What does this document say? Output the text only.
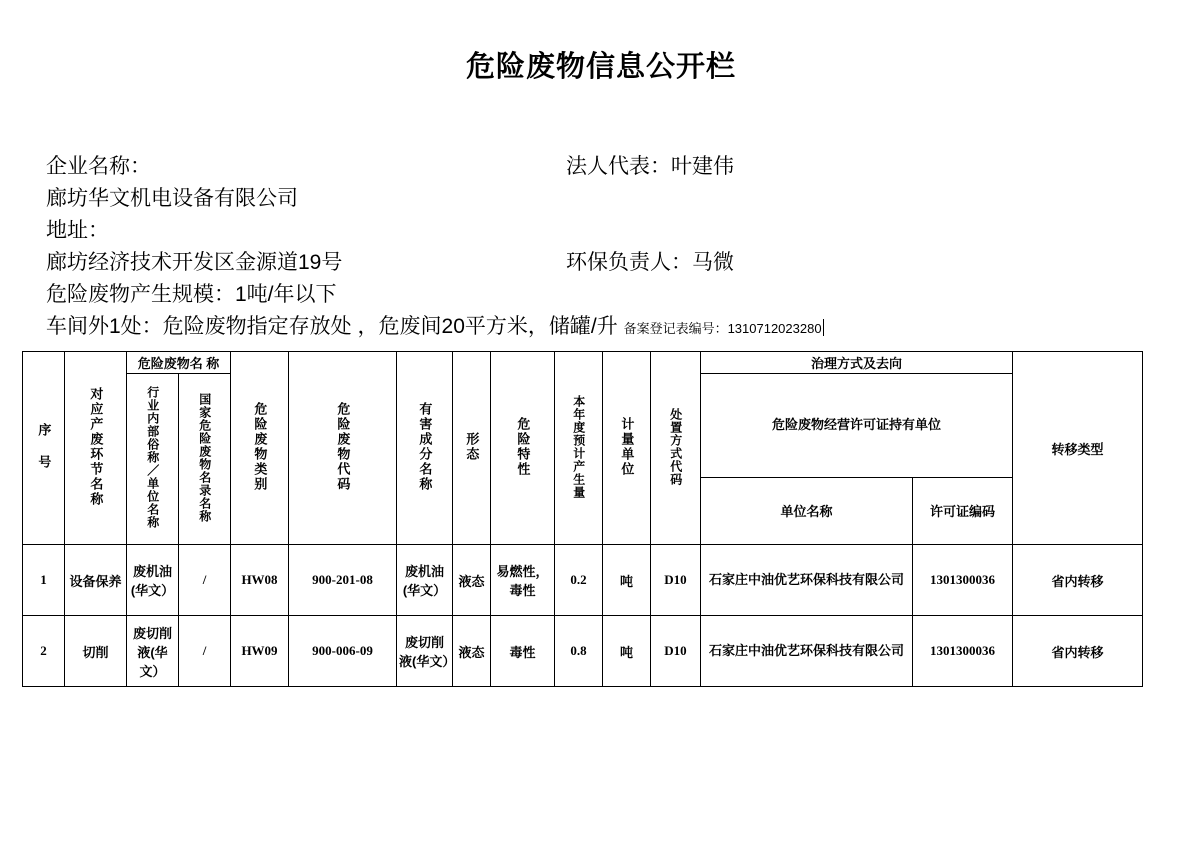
危险废物信息公开栏
企业名称：	法人代表：叶建伟
廊坊华文机电设备有限公司
地址：
廊坊经济技术开发区金源道19号	环保负责人：马微
危险废物产生规模：1吨/年以下
车间外1处：危险废物指定存放处 ，危废间20平方米，储罐/升 备案登记表编号：1310712023280
序 号	对应产废环节名称	危险废物名 称		危险废物类别	危险废物代码	有害成分名称	形态	危险特性	本年度预计产生量	计量单位	处置方式代码	治理方式及去向		转移类型
		行业内部俗称／单位名称	国家危险废物名录名称									危险废物经营许可证持有单位		
												单位名称	许可证编码	
1	设备保养	废机油(华文）	/	HW08	900-201-08	废机油(华文）	液态	易燃性，毒性	0.2	吨	D10	石家庄中油优艺环保科技有限公司	1301300036	省内转移
2	切削	废切削液(华文）	/	HW09	900-006-09	废切削液(华文）	液态	毒性	0.8	吨	D10	石家庄中油优艺环保科技有限公司	1301300036	省内转移
